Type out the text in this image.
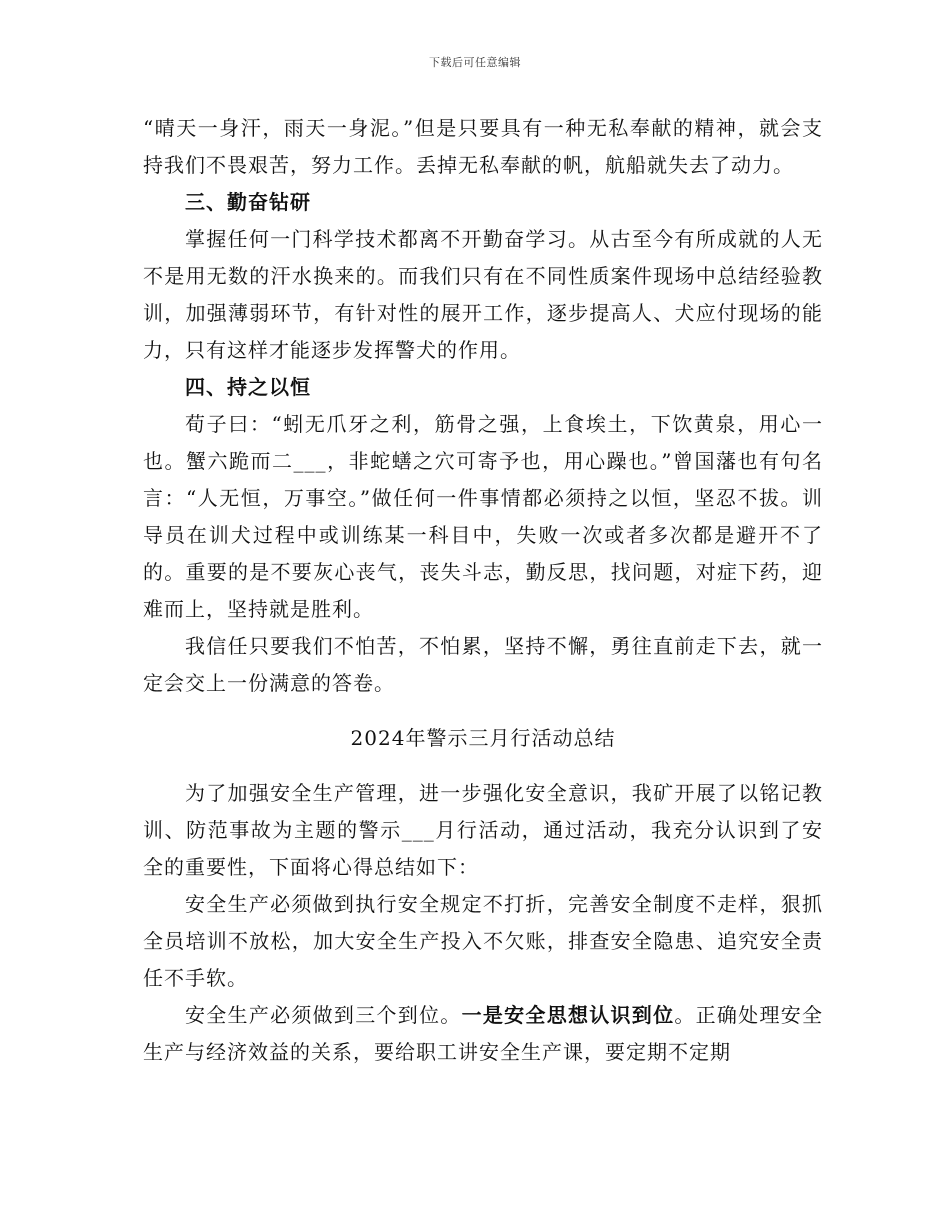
下载后可任意编辑

“晴天一身汗，雨天一身泥。”但是只要具有一种无私奉献的精神，就会支持我们不畏艰苦，努力工作。丢掉无私奉献的帆，航船就失去了动力。

三、勤奋钻研

掌握任何一门科学技术都离不开勤奋学习。从古至今有所成就的人无不是用无数的汗水换来的。而我们只有在不同性质案件现场中总结经验教训，加强薄弱环节，有针对性的展开工作，逐步提高人、犬应付现场的能力，只有这样才能逐步发挥警犬的作用。

四、持之以恒

荀子曰：“蚓无爪牙之利，筋骨之强，上食埃土，下饮黄泉，用心一也。蟹六跪而二___，非蛇蟮之穴可寄予也，用心躁也。”曾国藩也有句名言：“人无恒，万事空。”做任何一件事情都必须持之以恒，坚忍不拔。训导员在训犬过程中或训练某一科目中，失败一次或者多次都是避开不了的。重要的是不要灰心丧气，丧失斗志，勤反思，找问题，对症下药，迎难而上，坚持就是胜利。

我信任只要我们不怕苦，不怕累，坚持不懈，勇往直前走下去，就一定会交上一份满意的答卷。

2024年警示三月行活动总结

为了加强安全生产管理，进一步强化安全意识，我矿开展了以铭记教训、防范事故为主题的警示___月行活动，通过活动，我充分认识到了安全的重要性，下面将心得总结如下：

安全生产必须做到执行安全规定不打折，完善安全制度不走样，狠抓全员培训不放松，加大安全生产投入不欠账，排查安全隐患、追究安全责任不手软。

安全生产必须做到三个到位。一是安全思想认识到位。正确处理安全生产与经济效益的关系，要给职工讲安全生产课，要定期不定期
